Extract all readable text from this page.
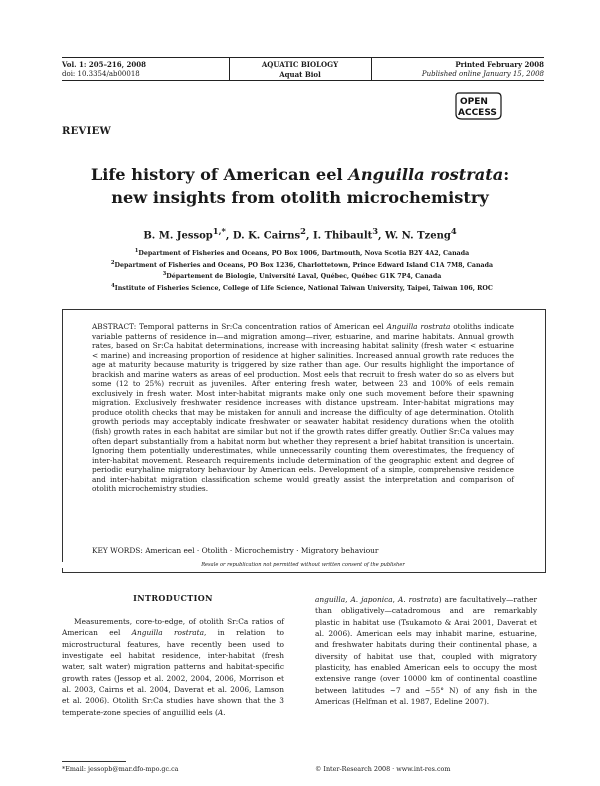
Vol. 1: 205–216, 2008
doi: 10.3354/ab00018
AQUATIC BIOLOGY
Aquat Biol
Printed February 2008
Published online January 15, 2008
OPEN
ACCESS
REVIEW
Life history of American eel Anguilla rostrata:
new insights from otolith microchemistry
B. M. Jessop$^{1,*}$, D. K. Cairns$^2$, I. Thibault$^3$, W. N. Tzeng$^4$
$^1$Department of Fisheries and Oceans, PO Box 1006, Dartmouth, Nova Scotia B2Y 4A2, Canada
$^2$Department of Fisheries and Oceans, PO Box 1236, Charlottetown, Prince Edward Island C1A 7M8, Canada
$^3$Département de Biologie, Université Laval, Québec, Québec G1K 7P4, Canada
$^4$Institute of Fisheries Science, College of Life Science, National Taiwan University, Taipei, Taiwan 106, ROC
ABSTRACT: Temporal patterns in Sr:Ca concentration ratios of American eel Anguilla rostrata otoliths indicate variable patterns of residence in—and migration among—river, estuarine, and marine habitats. Annual growth rates, based on Sr:Ca habitat determinations, increase with increasing habitat salinity (fresh water < estuarine < marine) and increasing proportion of residence at higher salinities. Increased annual growth rate reduces the age at maturity because maturity is triggered by size rather than age. Our results highlight the importance of brackish and marine waters as areas of eel production. Most eels that recruit to fresh water do so as elvers but some (12 to 25%) recruit as juveniles. After entering fresh water, between 23 and 100% of eels remain exclusively in fresh water. Most inter-habitat migrants make only one such movement before their spawning migration. Exclusively freshwater residence increases with distance upstream. Inter-habitat migrations may produce otolith checks that may be mistaken for annuli and increase the difficulty of age determination. Otolith growth periods may acceptably indicate freshwater or seawater habitat residency durations when the otolith (fish) growth rates in each habitat are similar but not if the growth rates differ greatly. Outlier Sr:Ca values may often depart substantially from a habitat norm but whether they represent a brief habitat transition is uncertain. Ignoring them potentially underestimates, while unnecessarily counting them overestimates, the frequency of inter-habitat movement. Research requirements include determination of the geographic extent and degree of periodic euryhaline migratory behaviour by American eels. Development of a simple, comprehensive residence and inter-habitat migration classification scheme would greatly assist the interpretation and comparison of otolith microchemistry studies.
KEY WORDS: American eel · Otolith · Microchemistry · Migratory behaviour
Resale or republication not permitted without written consent of the publisher
INTRODUCTION
Measurements, core-to-edge, of otolith Sr:Ca ratios of American eel Anguilla rostrata, in relation to microstructural features, have recently been used to investigate eel habitat residence, inter-habitat (fresh water, salt water) migration patterns and habitat-specific growth rates (Jessop et al. 2002, 2004, 2006, Morrison et al. 2003, Cairns et al. 2004, Daverat et al. 2006, Lamson et al. 2006). Otolith Sr:Ca studies have shown that the 3 temperate-zone species of anguillid eels (A.
anguilla, A. japonica, A. rostrata) are facultatively—rather than obligatively—catadromous and are remarkably plastic in habitat use (Tsukamoto & Arai 2001, Daverat et al. 2006). American eels may inhabit marine, estuarine, and freshwater habitats during their continental phase, a diversity of habitat use that, coupled with migratory plasticity, has enabled American eels to occupy the most extensive range (over 10000 km of continental coastline between latitudes ~7 and ~55° N) of any fish in the Americas (Helfman et al. 1987, Edeline 2007).
*Email: jessopb@mar.dfo-mpo.gc.ca	© Inter-Research 2008 · www.int-res.com
